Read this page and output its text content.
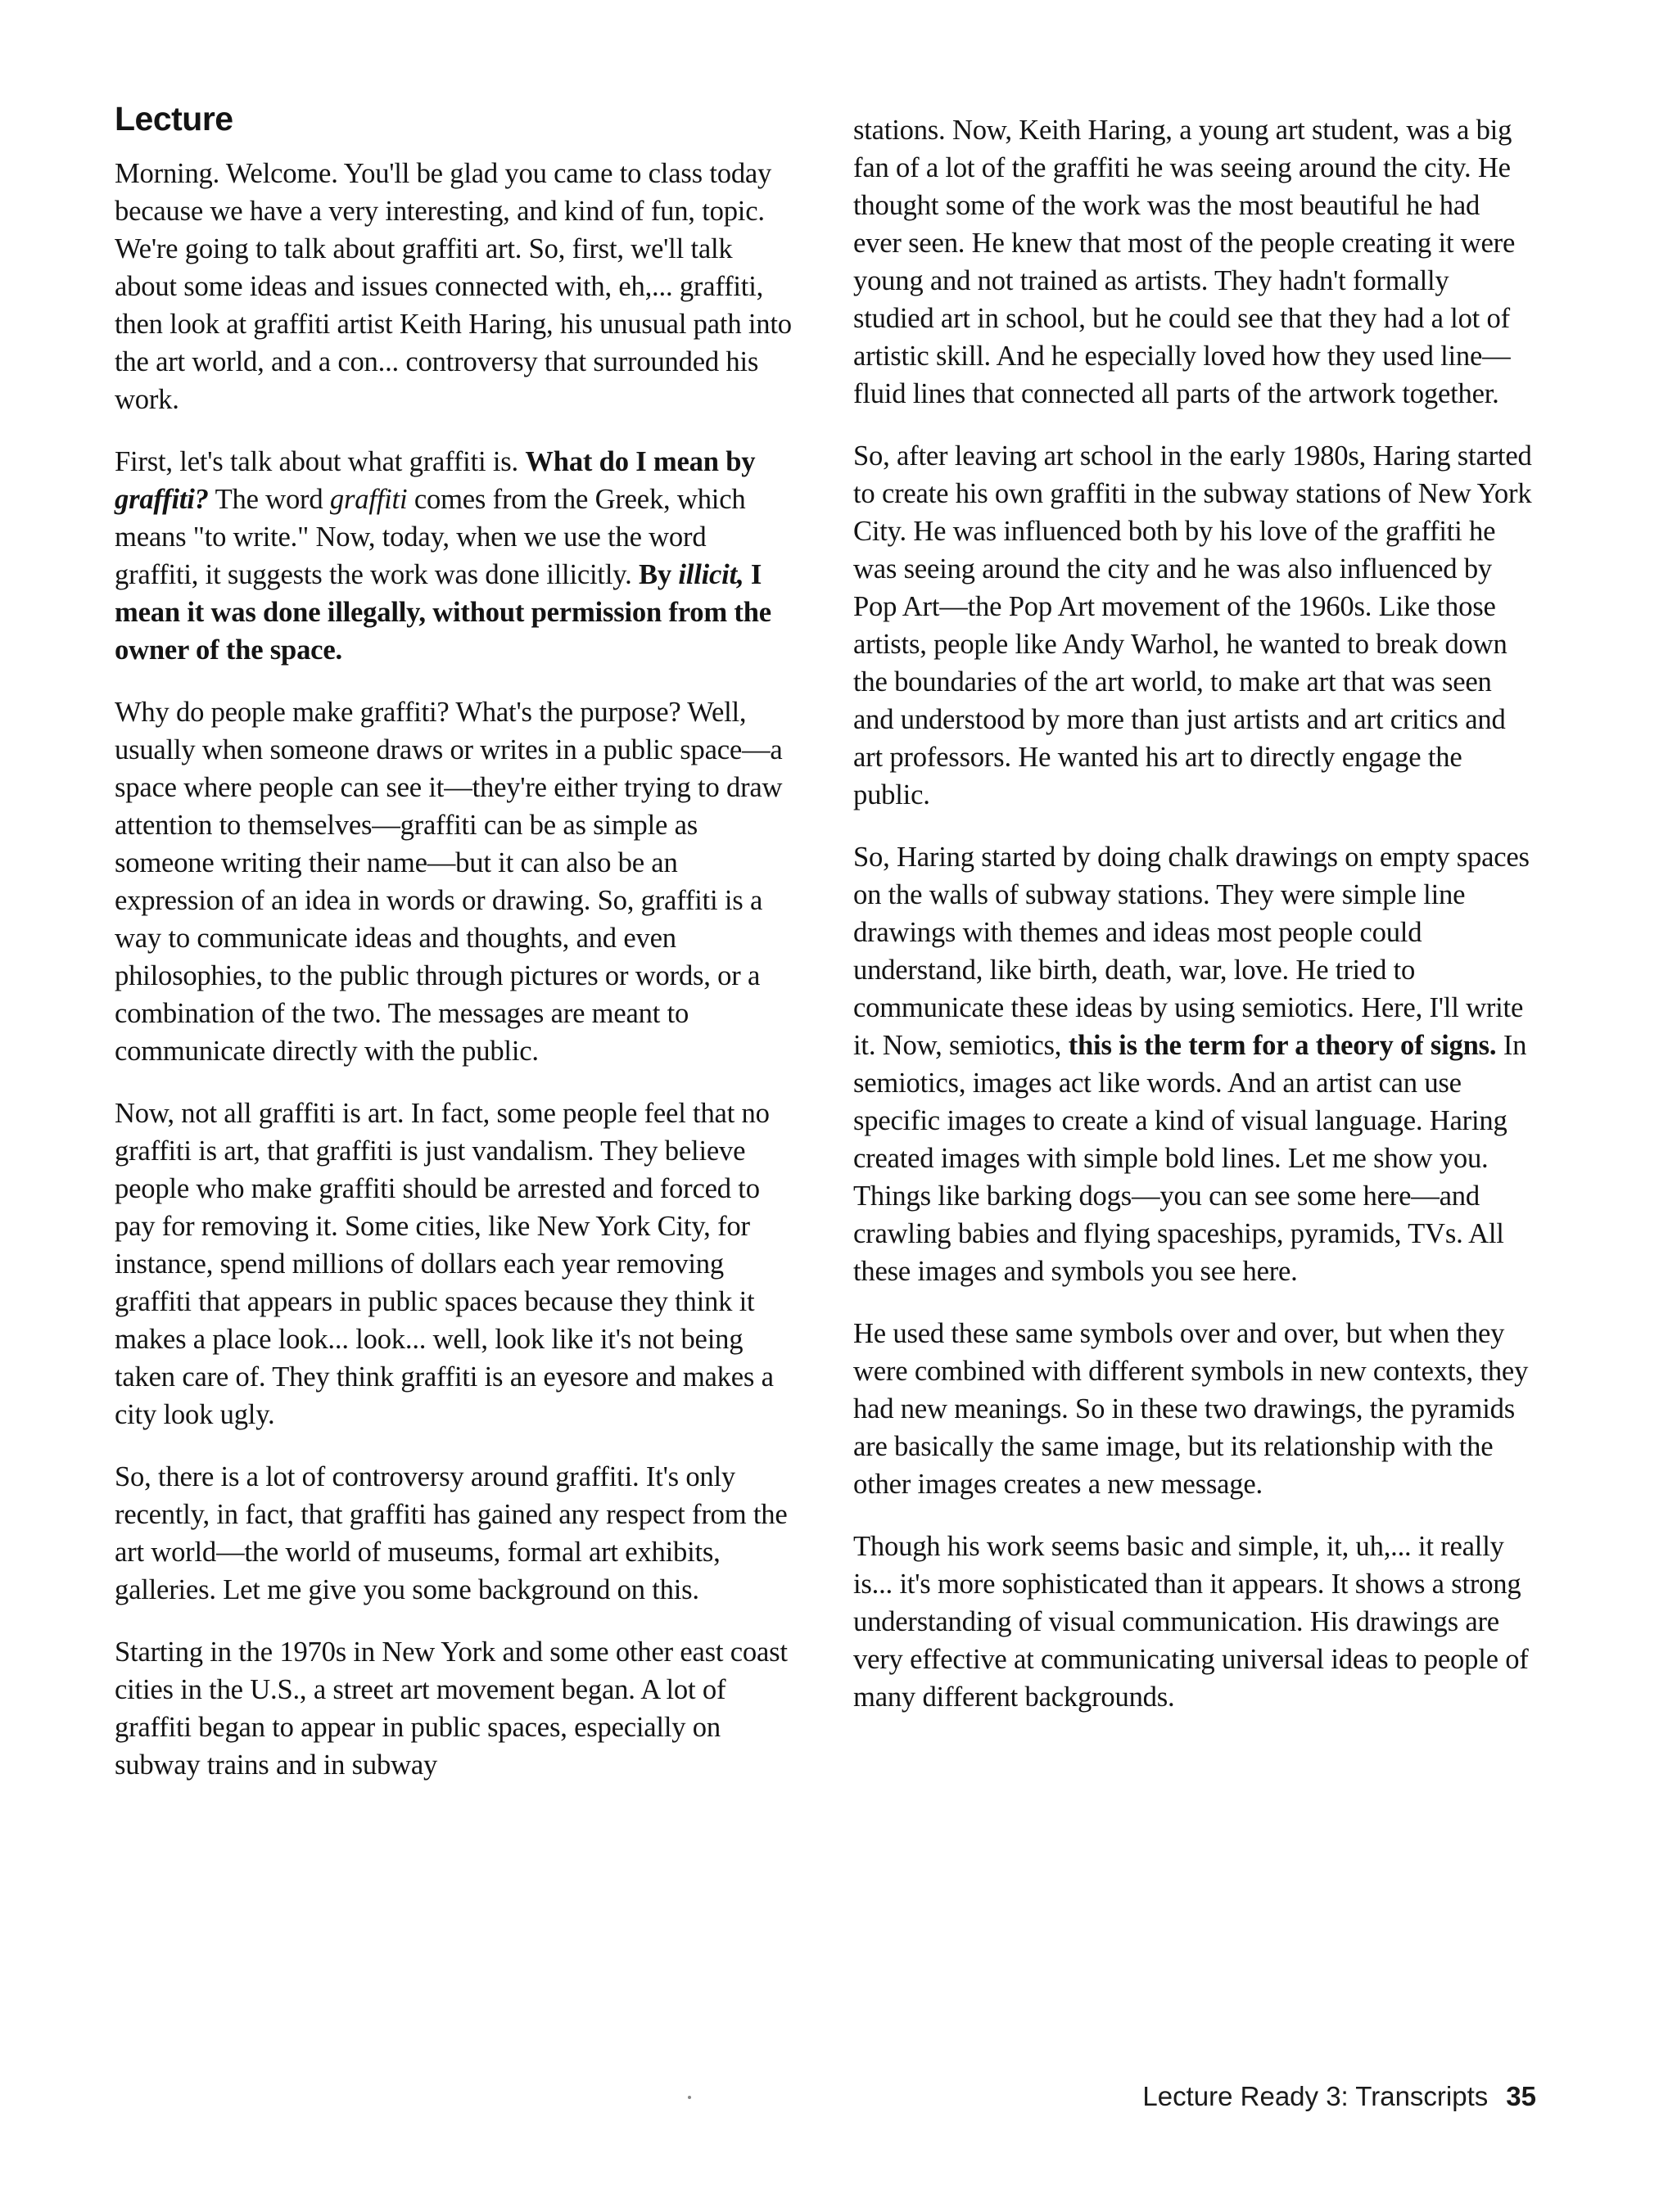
Lecture

Morning. Welcome. You'll be glad you came to class today because we have a very interesting, and kind of fun, topic. We're going to talk about graffiti art. So, first, we'll talk about some ideas and issues connected with, eh,... graffiti, then look at graffiti artist Keith Haring, his unusual path into the art world, and a con... controversy that surrounded his work.

First, let's talk about what graffiti is. What do I mean by graffiti? The word graffiti comes from the Greek, which means "to write." Now, today, when we use the word graffiti, it suggests the work was done illicitly. By illicit, I mean it was done illegally, without permission from the owner of the space.

Why do people make graffiti? What's the purpose? Well, usually when someone draws or writes in a public space—a space where people can see it—they're either trying to draw attention to themselves—graffiti can be as simple as someone writing their name—but it can also be an expression of an idea in words or drawing. So, graffiti is a way to communicate ideas and thoughts, and even philosophies, to the public through pictures or words, or a combination of the two. The messages are meant to communicate directly with the public.

Now, not all graffiti is art. In fact, some people feel that no graffiti is art, that graffiti is just vandalism. They believe people who make graffiti should be arrested and forced to pay for removing it. Some cities, like New York City, for instance, spend millions of dollars each year removing graffiti that appears in public spaces because they think it makes a place look... look... well, look like it's not being taken care of. They think graffiti is an eyesore and makes a city look ugly.

So, there is a lot of controversy around graffiti. It's only recently, in fact, that graffiti has gained any respect from the art world—the world of museums, formal art exhibits, galleries. Let me give you some background on this.

Starting in the 1970s in New York and some other east coast cities in the U.S., a street art movement began. A lot of graffiti began to appear in public spaces, especially on subway trains and in subway

stations. Now, Keith Haring, a young art student, was a big fan of a lot of the graffiti he was seeing around the city. He thought some of the work was the most beautiful he had ever seen. He knew that most of the people creating it were young and not trained as artists. They hadn't formally studied art in school, but he could see that they had a lot of artistic skill. And he especially loved how they used line—fluid lines that connected all parts of the artwork together.

So, after leaving art school in the early 1980s, Haring started to create his own graffiti in the subway stations of New York City. He was influenced both by his love of the graffiti he was seeing around the city and he was also influenced by Pop Art—the Pop Art movement of the 1960s. Like those artists, people like Andy Warhol, he wanted to break down the boundaries of the art world, to make art that was seen and understood by more than just artists and art critics and art professors. He wanted his art to directly engage the public.

So, Haring started by doing chalk drawings on empty spaces on the walls of subway stations. They were simple line drawings with themes and ideas most people could understand, like birth, death, war, love. He tried to communicate these ideas by using semiotics. Here, I'll write it. Now, semiotics, this is the term for a theory of signs. In semiotics, images act like words. And an artist can use specific images to create a kind of visual language. Haring created images with simple bold lines. Let me show you. Things like barking dogs—you can see some here—and crawling babies and flying spaceships, pyramids, TVs. All these images and symbols you see here.

He used these same symbols over and over, but when they were combined with different symbols in new contexts, they had new meanings. So in these two drawings, the pyramids are basically the same image, but its relationship with the other images creates a new message.

Though his work seems basic and simple, it, uh,... it really is... it's more sophisticated than it appears. It shows a strong understanding of visual communication. His drawings are very effective at communicating universal ideas to people of many different backgrounds.

Lecture Ready 3: Transcripts 35
